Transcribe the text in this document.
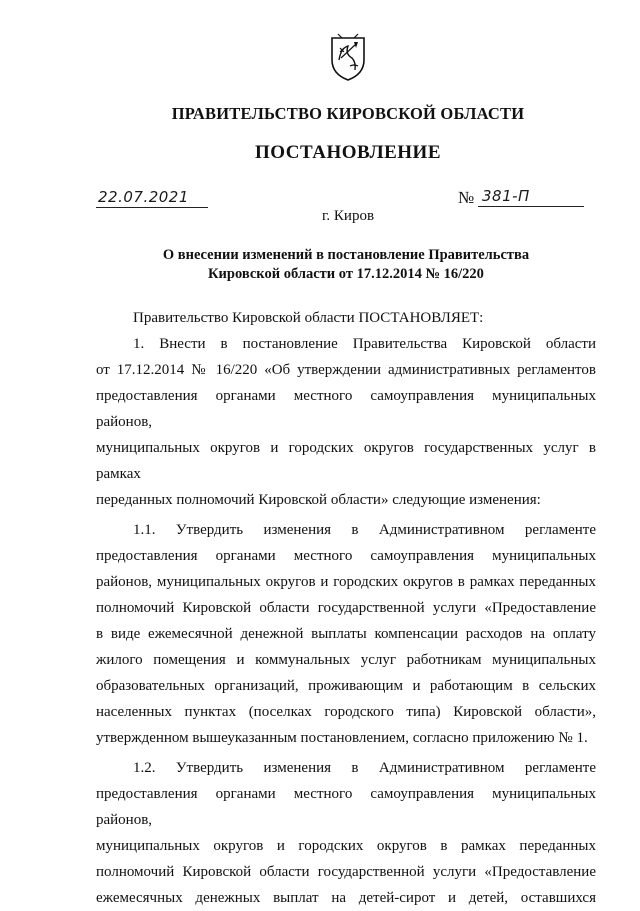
ПРАВИТЕЛЬСТВО КИРОВСКОЙ ОБЛАСТИ
ПОСТАНОВЛЕНИЕ
22.07.2021	№ 381-П
г. Киров
О внесении изменений в постановление Правительства
Кировской области от 17.12.2014 № 16/220

Правительство Кировской области ПОСТАНОВЛЯЕТ:

1. Внести в постановление Правительства Кировской области

от 17.12.2014 № 16/220 «Об утверждении административных регламентов

предоставления органами местного самоуправления муниципальных районов,

муниципальных округов и городских округов государственных услуг в рамках

переданных полномочий Кировской области» следующие изменения:

1.1. Утвердить изменения в Административном регламенте

предоставления органами местного самоуправления муниципальных

районов, муниципальных округов и городских округов в рамках переданных

полномочий Кировской области государственной услуги «Предоставление

в виде ежемесячной денежной выплаты компенсации расходов на оплату

жилого помещения и коммунальных услуг работникам муниципальных

образовательных организаций, проживающим и работающим в сельских

населенных пунктах (поселках городского типа) Кировской области»,

утвержденном вышеуказанным постановлением, согласно приложению № 1.

1.2. Утвердить изменения в Административном регламенте

предоставления органами местного самоуправления муниципальных районов,

муниципальных округов и городских округов в рамках переданных

полномочий Кировской области государственной услуги «Предоставление

ежемесячных денежных выплат на детей-сирот и детей, оставшихся
